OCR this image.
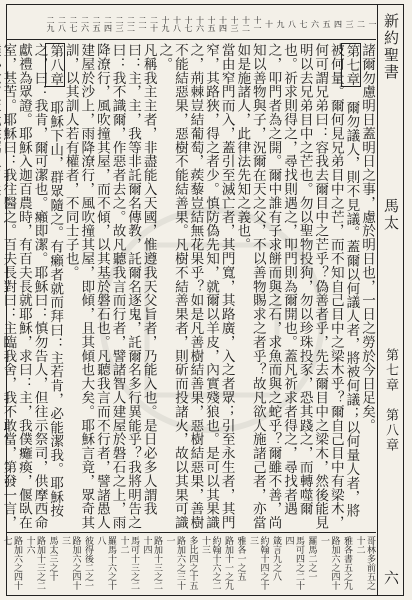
新約聖書
馬太
第七章　第八章
六
一
二
三
四
五
六
七
八
九
十
十一
十二
十三
十四
十五
十六
十七
十八
十九
二十
二一
二二
二三
二四
二五
二六
二七
二八
二九

諸爾勿慮明日蓋明日之事，慮於明日也，一日之勞於今日足矣。

第七章　爾勿議人，則不見議。蓋爾以何議人者，將被何議；以何量人者，將被何量。爾何見兄弟目中之芒，而不知自己目中之梁木乎？爾自己目中有梁木，何可謂兄弟曰：容我去爾目中之芒乎？偽善者乎，先去爾目中之梁木，然後能見明以去兄弟目中之芒也。勿以聖物投狗，勿以珍珠投豕，恐其踐之，而轉噬爾也。祈求則得之，尋找則遇之，叩門則為爾開也。蓋凡祈求者得之，尋找者遇之，叩門者為之開。爾中誰有子求餅而與之石，求魚而與之蛇乎？爾雖不善，尚知以善物與子，況爾在天之父，不以善物賜求之者乎？故凡欲人施諸己者，亦當如是施諸人，此律法先知之義也。

當由窄門而入，蓋引至滅亡者，其門寬，其路廣，入之者眾；引至永生者，其門窄，其路狹，得之者少。慎防偽先知，就爾以羊皮，內實殘狼也。是可以其果識之，荊棘豈結葡萄，蒺藜豈結無花果乎？如是凡善樹結善果，惡樹結惡果，善樹不能結惡果，惡樹不能結善果。凡樹不結善果者，則斫而投諸火，故以其果可識之。

凡稱我主主者，非盡能入天國，惟遵我天父旨者，乃能入也。是日必多人謂我曰：主，主，我等非託爾名傳教，託爾名逐鬼，託爾名多行異能乎？我將明告之曰：我不識爾，作惡者去之。故凡聽我言而行者，譬諸智人建屋於磐石之上，雨降潦行，風吹撞其屋，而不傾，以其基於磐石也。凡聽我言而不行者，譬諸愚人建屋於沙上，雨降潦行，風吹撞其屋，即傾，且其傾也大矣。耶穌言竟，眾奇其訓，以其訓人若有權者，不同士子也。

第八章　耶穌下山，群眾隨之。有癩者就而拜曰：主若肯，必能潔我。耶穌按之，曰：我肯，爾可潔也。癩即潔。耶穌曰：慎勿告人，但往示祭司，供摩西命獻禮為眾證。耶穌入迦百農時，有百夫長就耶穌，求曰：主，我僕癱瘓，偃臥在室，甚苦。耶穌曰：我往醫之。百夫長對曰：主臨我舍，我不敢當，第發一言，

哥林多前五之十二
雅各書五之九
路加六之四十一
羅馬二之一
馬可四之二十四
箴言九之八
約翰十四之十三
雅各一之五
路加十一之九
約翰十六之二十三
多比四之十五
路加六之三十一
路加十三之二十四
馬可十三之二十二
羅馬十六之十八
彼得後二之一
路加六之四十三
馬太三之十
路加十三之二十六
路加六之四十七
